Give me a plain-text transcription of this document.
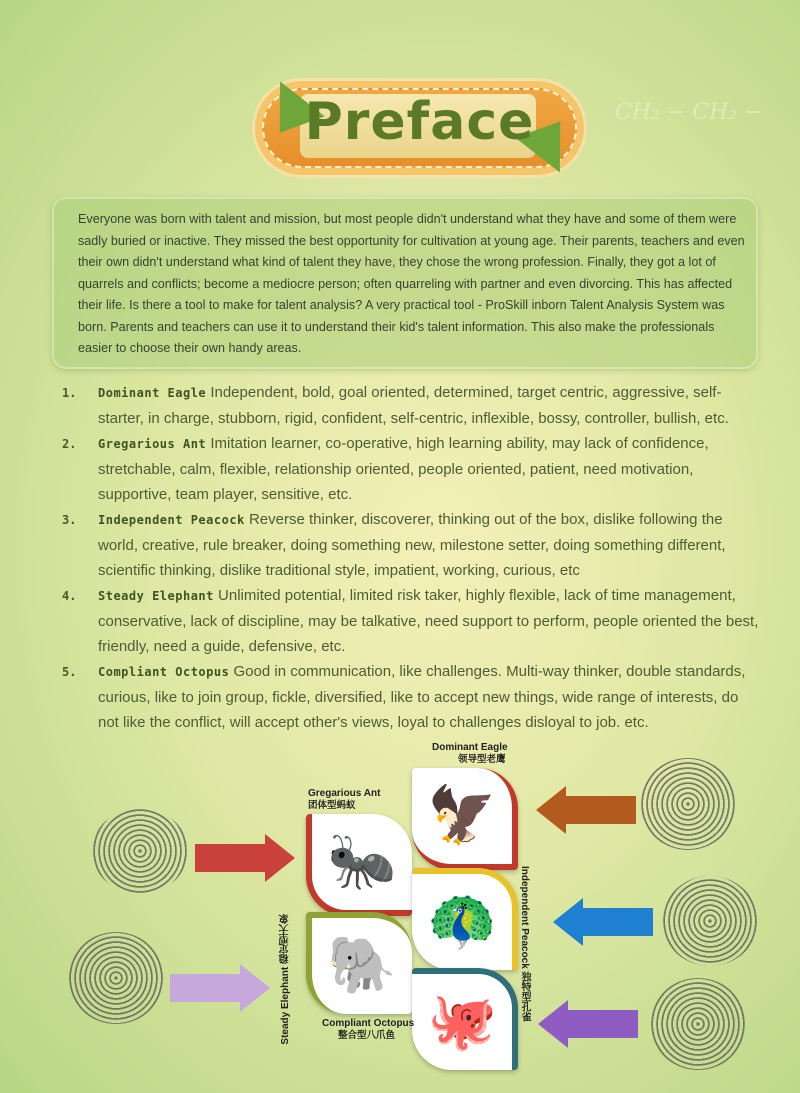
CH₂ − CH₂ −
Preface

Everyone was born with talent and mission, but most people didn't understand what they have and some of them were sadly buried or inactive. They missed the best opportunity for cultivation at young age. Their parents, teachers and even their own didn't understand what kind of talent they have, they chose the wrong profession. Finally, they got a lot of quarrels and conflicts; become a mediocre person; often quarreling with partner and even divorcing. This has affected their life. Is there a tool to make for talent analysis? A very practical tool - ProSkill inborn Talent Analysis System was born. Parents and teachers can use it to understand their kid's talent information. This also make the professionals easier to choose their own handy areas.

1. Dominant Eagle Independent, bold, goal oriented, determined, target centric, aggressive, self-starter, in charge, stubborn, rigid, confident, self-centric, inflexible, bossy, controller, bullish, etc.
2. Gregarious Ant Imitation learner, co-operative, high learning ability, may lack of confidence, stretchable, calm, flexible, relationship oriented, people oriented, patient, need motivation, supportive, team player, sensitive, etc.
3. Independent Peacock Reverse thinker, discoverer, thinking out of the box, dislike following the world, creative, rule breaker, doing something new, milestone setter, doing something different, scientific thinking, dislike traditional style, impatient, working, curious, etc
4. Steady Elephant Unlimited potential, limited risk taker, highly flexible, lack of time management, conservative, lack of discipline, may be talkative, need support to perform, people oriented the best, friendly, need a guide, defensive, etc.
5. Compliant Octopus Good in communication, like challenges. Multi-way thinker, double standards, curious, like to join group, fickle, diversified, like to accept new things, wide range of interests, do not like the conflict, will accept other's views, loyal to challenges disloyal to job. etc.
🦅
🐜
🦚
🐘
🐙
Dominant Eagle
领导型老鹰
Gregarious Ant
团体型蚂蚁
Independent Peacock 独特型孔雀
Steady Elephant 稳定型大象
Compliant Octopus
整合型八爪鱼
